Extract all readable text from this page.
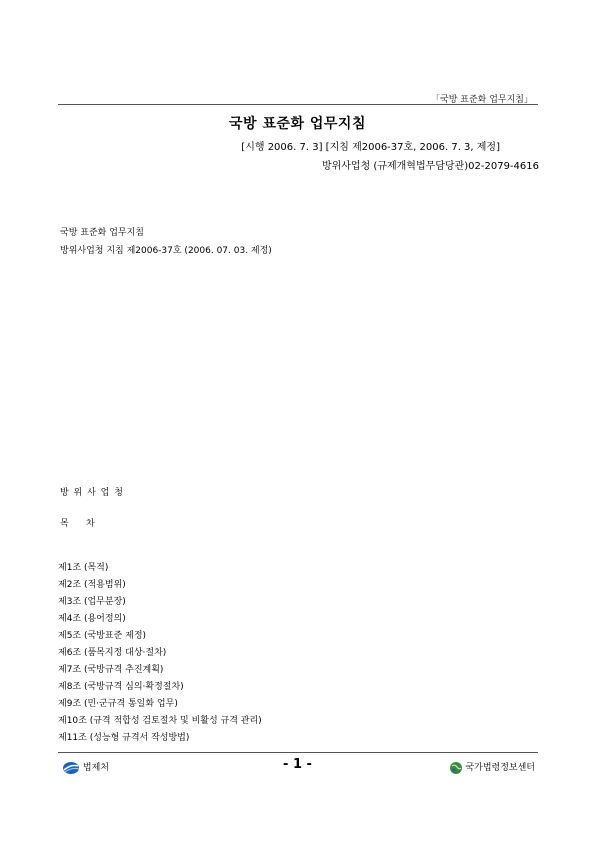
「국방 표준화 업무지침」
국방 표준화 업무지침
[시행 2006. 7. 3] [지침 제2006-37호, 2006. 7. 3, 제정]
방위사업청 (규제개혁법무담당관)02-2079-4616
국방 표준화 업무지침
방위사업청 지침 제2006-37호 (2006. 07. 03. 제정)
방 위 사 업 청
목      차
제1조 (목적)
제2조 (적용범위)
제3조 (업무분장)
제4조 (용어정의)
제5조 (국방표준 제정)
제6조 (품목지정 대상·절차)
제7조 (국방규격 추진계획)
제8조 (국방규격 심의·확정절차)
제9조 (민·군규격 통일화 업무)
제10조 (규격 적합성 검토절차 및 비활성 규격 관리)
제11조 (성능형 규격서 작성방법)
법제처	- 1 -	국가법령정보센터
